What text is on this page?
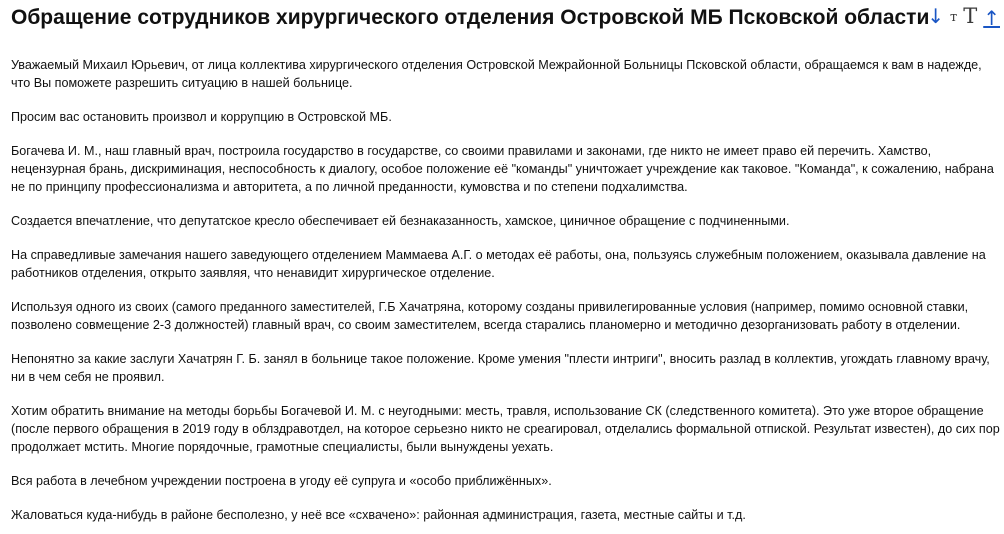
Обращение сотрудников хирургического отделения Островской МБ Псковской области
↓ т Т ↑

Уважаемый Михаил Юрьевич, от лица коллектива хирургического отделения Островской Межрайонной Больницы Псковской области, обращаемся к вам в надежде, что Вы поможете разрешить ситуацию в нашей больнице.

Просим вас остановить произвол и коррупцию в Островской МБ.

Богачева И. М., наш главный врач, построила государство в государстве, со своими правилами и законами, где никто не имеет право ей перечить. Хамство, нецензурная брань, дискриминация, неспособность к диалогу, особое положение её "команды" уничтожает учреждение как таковое. "Команда", к сожалению, набрана не по принципу профессионализма и авторитета, а по личной преданности, кумовства и по степени подхалимства.

Создается впечатление, что депутатское кресло обеспечивает ей безнаказанность, хамское, циничное обращение с подчиненными.

На справедливые замечания нашего заведующего отделением Маммаева А.Г. о методах её работы, она, пользуясь служебным положением, оказывала давление на работников отделения, открыто заявляя, что ненавидит хирургическое отделение.

Используя одного из своих (самого преданного заместителей, Г.Б Хачатряна, которому созданы привилегированные условия (например, помимо основной ставки, позволено совмещение 2-3 должностей) главный врач, со своим заместителем, всегда старались планомерно и методично дезорганизовать работу в отделении.

Непонятно за какие заслуги Хачатрян Г. Б. занял в больнице такое положение. Кроме умения "плести интриги", вносить разлад в коллектив, угождать главному врачу, ни в чем себя не проявил.

Хотим обратить внимание на методы борьбы Богачевой И. М. с неугодными: месть, травля, использование СК (следственного комитета). Это уже второе обращение (после первого обращения в 2019 году в облздравотдел, на которое серьезно никто не среагировал, отделались формальной отпиской. Результат известен), до сих пор продолжает мстить. Многие порядочные, грамотные специалисты, были вынуждены уехать.

Вся работа в лечебном учреждении построена в угоду её супруга и «особо приближённых».

Жаловаться куда-нибудь в районе бесполезно, у неё все «схвачено»: районная администрация, газета, местные сайты и т.д.
